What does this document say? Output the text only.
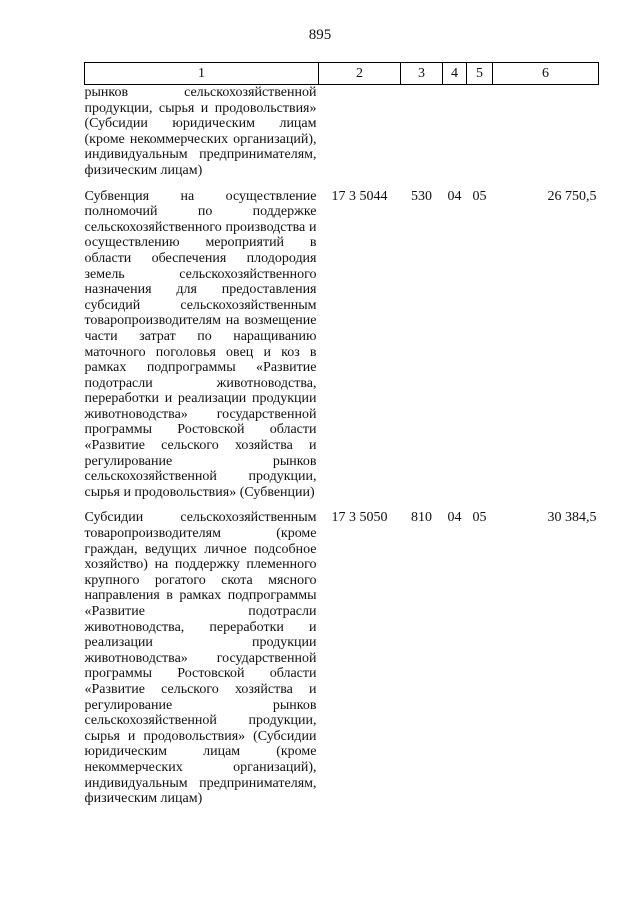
895
1	2	3	4	5	6
рынков сельскохозяйственной продукции, сырья и продовольствия» (Субсидии юридическим лицам (кроме некоммерческих организаций), индивидуальным предпринимателям, физическим лицам)					
Субвенция на осуществление полномочий по поддержке сельскохозяйственного производства и осуществлению мероприятий в области обеспечения плодородия земель сельскохозяйственного назначения для предоставления субсидий сельскохозяйственным товаропроизводителям на возмещение части затрат по наращиванию маточного поголовья овец и коз в рамках подпрограммы «Развитие подотрасли животноводства, переработки и реализации продукции животноводства» государственной программы Ростовской области «Развитие сельского хозяйства и регулирование рынков сельскохозяйственной продукции, сырья и продовольствия» (Субвенции)	17 3 5044	530	04	05	26 750,5
Субсидии сельскохозяйственным товаропроизводителям (кроме граждан, ведущих личное подсобное хозяйство) на поддержку племенного крупного рогатого скота мясного направления в рамках подпрограммы «Развитие подотрасли животноводства, переработки и реализации продукции животноводства» государственной программы Ростовской области «Развитие сельского хозяйства и регулирование рынков сельскохозяйственной продукции, сырья и продовольствия» (Субсидии юридическим лицам (кроме некоммерческих организаций), индивидуальным предпринимателям, физическим лицам)	17 3 5050	810	04	05	30 384,5
